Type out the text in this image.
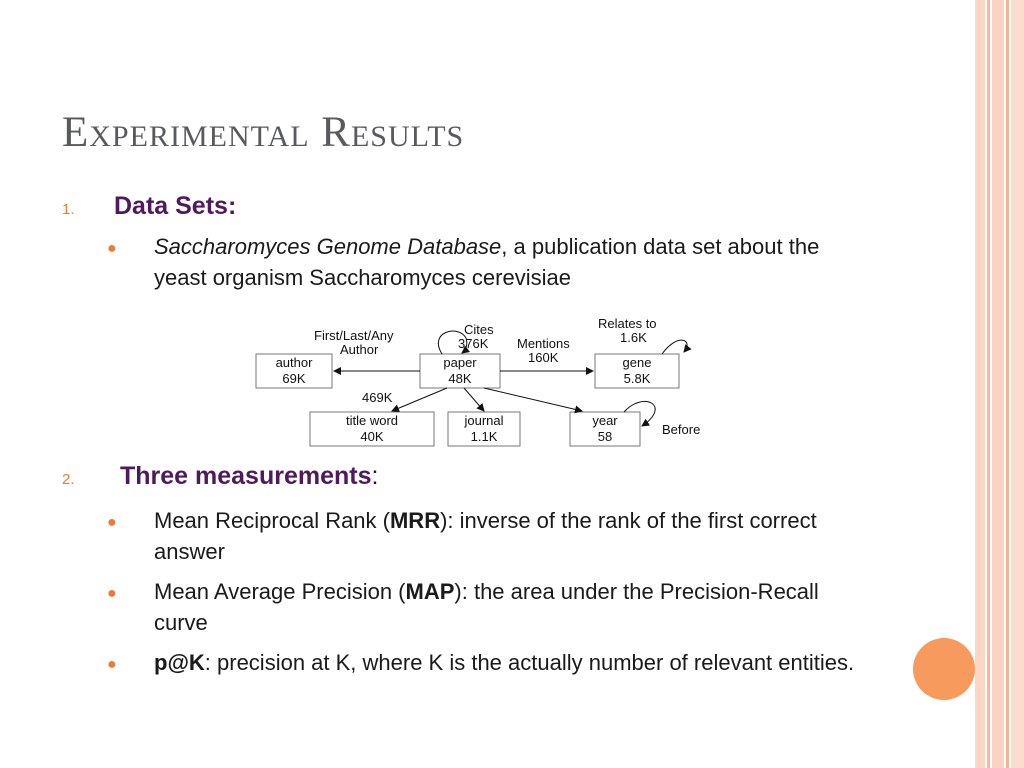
Experimental Results
1. Data Sets:
● Saccharomyces Genome Database, a publication data set about the yeast organism Saccharomyces cerevisiae
author
69K
paper
48K
gene
5.8K
title word
40K
journal
1.1K
year
58
First/Last/Any
Author
Cites
376K Mentions
160K
Relates to
1.6K
469K
Before
2. Three measurements:
● Mean Reciprocal Rank (MRR): inverse of the rank of the first correct answer
● Mean Average Precision (MAP): the area under the Precision-Recall curve
● p@K: precision at K, where K is the actually number of relevant entities.
